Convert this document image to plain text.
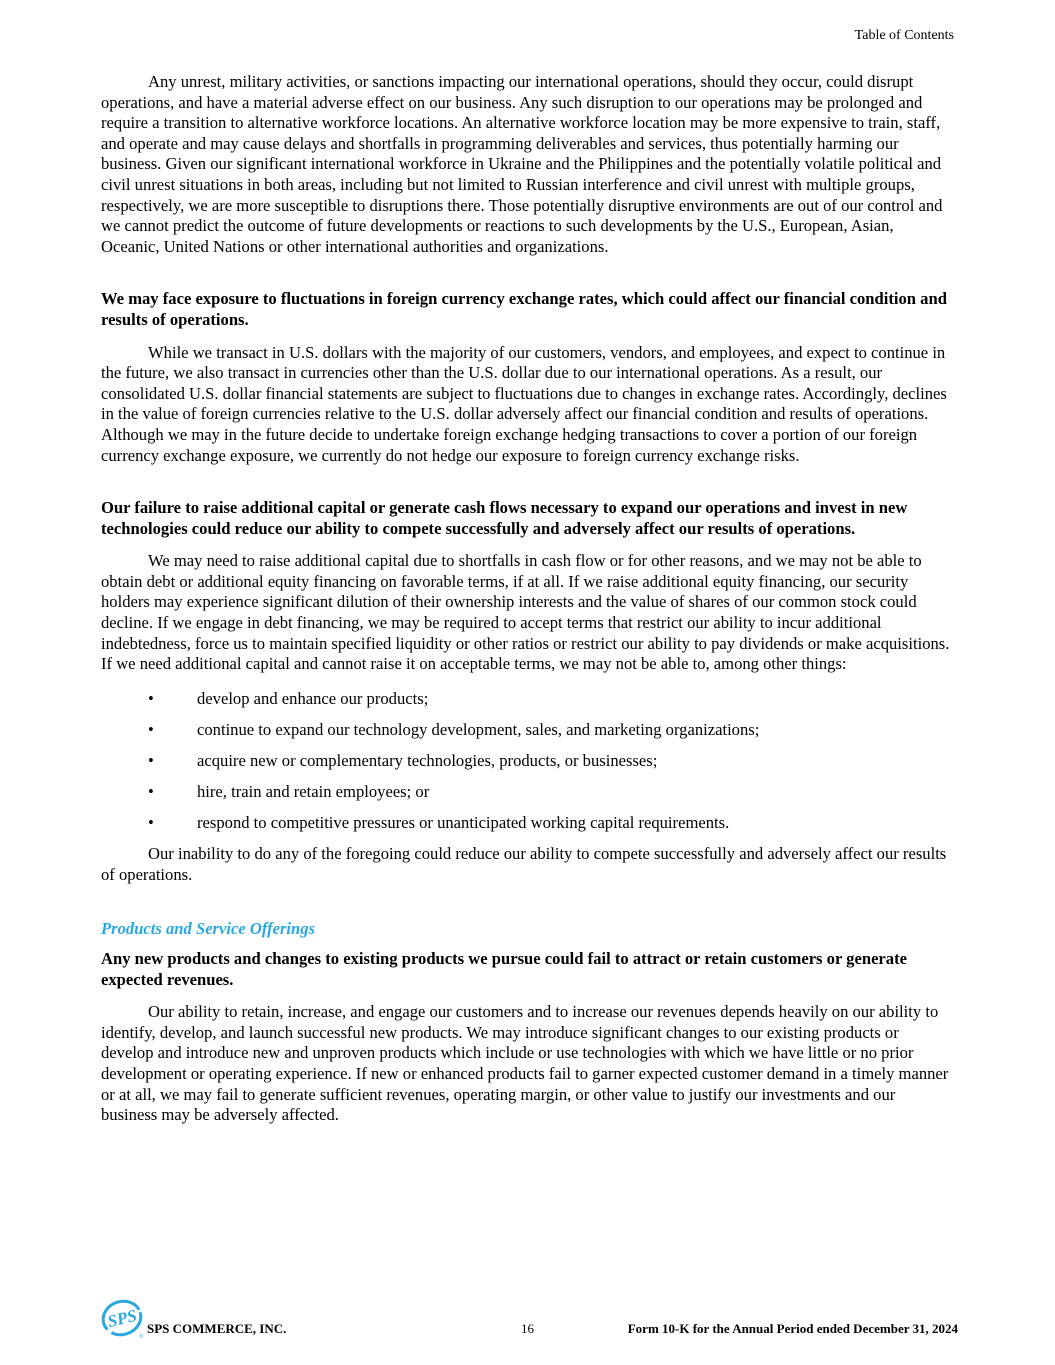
Table of Contents

Any unrest, military activities, or sanctions impacting our international operations, should they occur, could disrupt operations, and have a material adverse effect on our business. Any such disruption to our operations may be prolonged and require a transition to alternative workforce locations. An alternative workforce location may be more expensive to train, staff, and operate and may cause delays and shortfalls in programming deliverables and services, thus potentially harming our business. Given our significant international workforce in Ukraine and the Philippines and the potentially volatile political and civil unrest situations in both areas, including but not limited to Russian interference and civil unrest with multiple groups, respectively, we are more susceptible to disruptions there. Those potentially disruptive environments are out of our control and we cannot predict the outcome of future developments or reactions to such developments by the U.S., European, Asian, Oceanic, United Nations or other international authorities and organizations.

We may face exposure to fluctuations in foreign currency exchange rates, which could affect our financial condition and results of operations.

While we transact in U.S. dollars with the majority of our customers, vendors, and employees, and expect to continue in the future, we also transact in currencies other than the U.S. dollar due to our international operations. As a result, our consolidated U.S. dollar financial statements are subject to fluctuations due to changes in exchange rates. Accordingly, declines in the value of foreign currencies relative to the U.S. dollar adversely affect our financial condition and results of operations. Although we may in the future decide to undertake foreign exchange hedging transactions to cover a portion of our foreign currency exchange exposure, we currently do not hedge our exposure to foreign currency exchange risks.

Our failure to raise additional capital or generate cash flows necessary to expand our operations and invest in new technologies could reduce our ability to compete successfully and adversely affect our results of operations.

We may need to raise additional capital due to shortfalls in cash flow or for other reasons, and we may not be able to obtain debt or additional equity financing on favorable terms, if at all. If we raise additional equity financing, our security holders may experience significant dilution of their ownership interests and the value of shares of our common stock could decline. If we engage in debt financing, we may be required to accept terms that restrict our ability to incur additional indebtedness, force us to maintain specified liquidity or other ratios or restrict our ability to pay dividends or make acquisitions. If we need additional capital and cannot raise it on acceptable terms, we may not be able to, among other things:

•
develop and enhance our products;
•
continue to expand our technology development, sales, and marketing organizations;
•
acquire new or complementary technologies, products, or businesses;
•
hire, train and retain employees; or
•
respond to competitive pressures or unanticipated working capital requirements.

Our inability to do any of the foregoing could reduce our ability to compete successfully and adversely affect our results of operations.

Products and Service Offerings

Any new products and changes to existing products we pursue could fail to attract or retain customers or generate expected revenues.

Our ability to retain, increase, and engage our customers and to increase our revenues depends heavily on our ability to identify, develop, and launch successful new products. We may introduce significant changes to our existing products or develop and introduce new and unproven products which include or use technologies with which we have little or no prior development or operating experience. If new or enhanced products fail to garner expected customer demand in a timely manner or at all, we may fail to generate sufficient revenues, operating margin, or other value to justify our investments and our business may be adversely affected.

SPS
®
SPS COMMERCE, INC.	16	Form 10-K for the Annual Period ended December 31, 2024
